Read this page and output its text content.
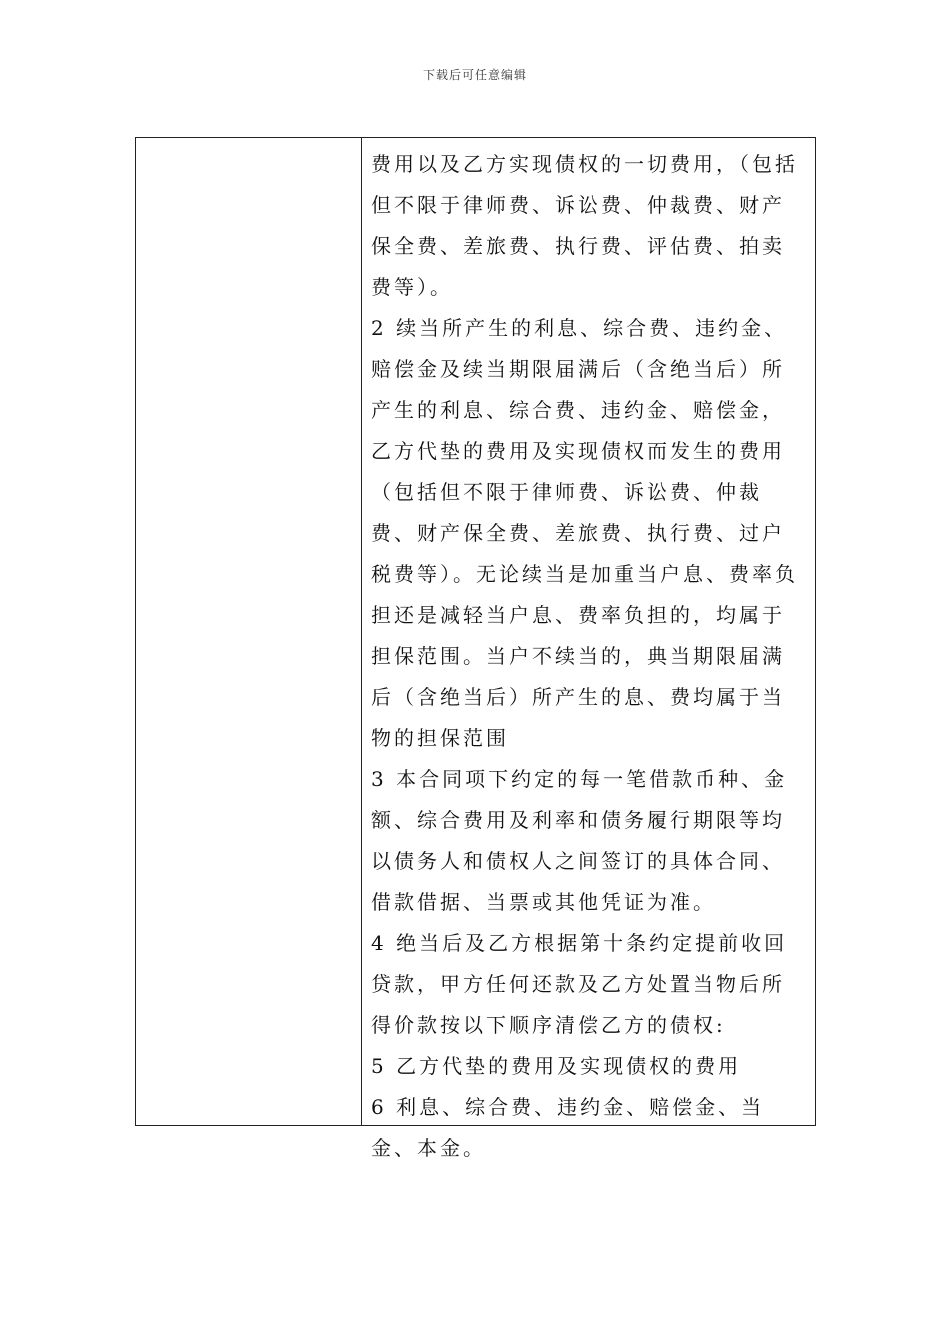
下载后可任意编辑

费用以及乙方实现债权的一切费用，（包括但不限于律师费、诉讼费、仲裁费、财产保全费、差旅费、执行费、评估费、拍卖费等）。

2 续当所产生的利息、综合费、违约金、赔偿金及续当期限届满后（含绝当后）所产生的利息、综合费、违约金、赔偿金，乙方代垫的费用及实现债权而发生的费用（包括但不限于律师费、诉讼费、仲裁费、财产保全费、差旅费、执行费、过户税费等）。无论续当是加重当户息、费率负担还是减轻当户息、费率负担的，均属于担保范围。当户不续当的，典当期限届满后（含绝当后）所产生的息、费均属于当物的担保范围

3 本合同项下约定的每一笔借款币种、金额、综合费用及利率和债务履行期限等均以债务人和债权人之间签订的具体合同、借款借据、当票或其他凭证为准。

4 绝当后及乙方根据第十条约定提前收回贷款，甲方任何还款及乙方处置当物后所得价款按以下顺序清偿乙方的债权:

5 乙方代垫的费用及实现债权的费用

6 利息、综合费、违约金、赔偿金、当金、本金。
